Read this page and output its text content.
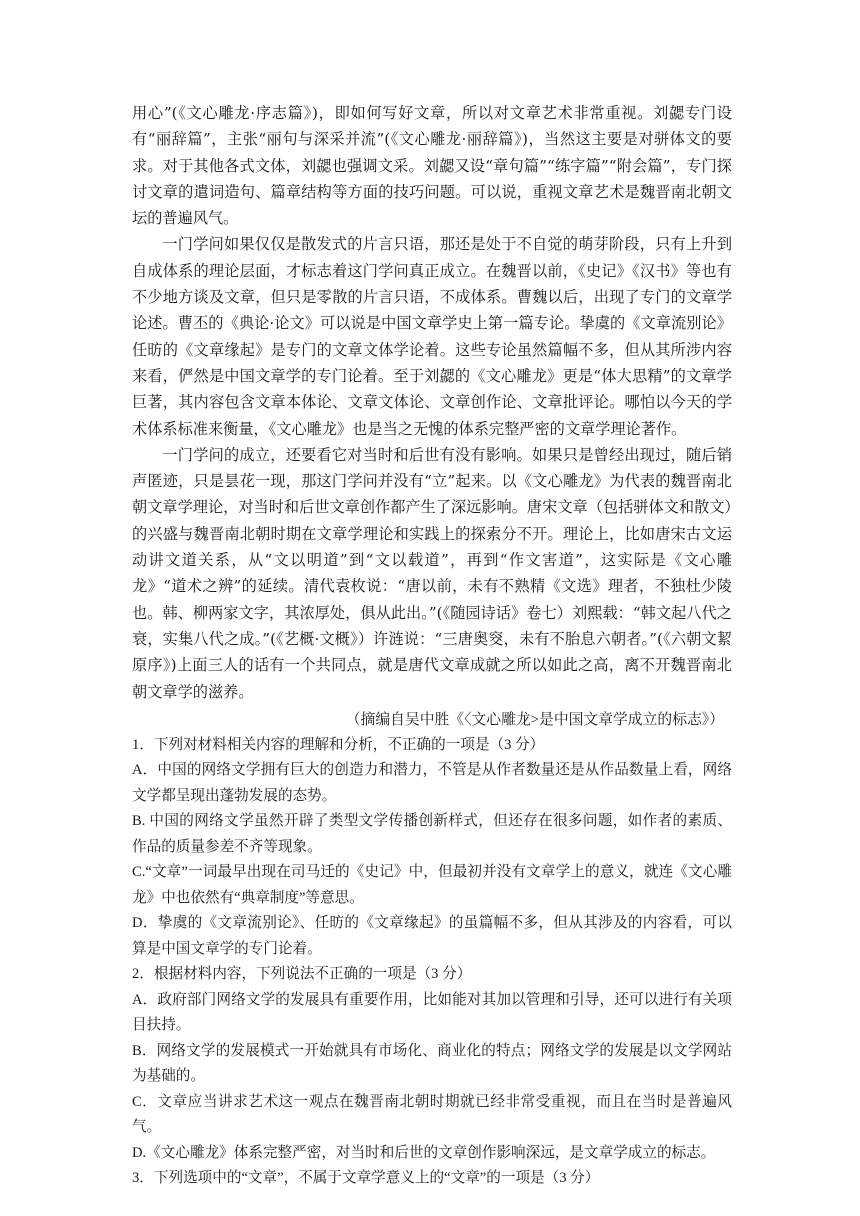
用心”(《文心雕龙·序志篇》)，即如何写好文章，所以对文章艺术非常重视。刘勰专门设有“丽辞篇”，主张“丽句与深采并流”(《文心雕龙·丽辞篇》)，当然这主要是对骈体文的要求。对于其他各式文体，刘勰也强调文采。刘勰又设“章句篇”“练字篇”“附会篇”，专门探讨文章的遣词造句、篇章结构等方面的技巧问题。可以说，重视文章艺术是魏晋南北朝文坛的普遍风气。

一门学问如果仅仅是散发式的片言只语，那还是处于不自觉的萌芽阶段，只有上升到自成体系的理论层面，才标志着这门学问真正成立。在魏晋以前，《史记》《汉书》等也有不少地方谈及文章，但只是零散的片言只语，不成体系。曹魏以后，出现了专门的文章学论述。曹丕的《典论·论文》可以说是中国文章学史上第一篇专论。挚虞的《文章流别论》任昉的《文章缘起》是专门的文章文体学论着。这些专论虽然篇幅不多，但从其所涉内容来看，俨然是中国文章学的专门论着。至于刘勰的《文心雕龙》更是“体大思精”的文章学巨著，其内容包含文章本体论、文章文体论、文章创作论、文章批评论。哪怕以今天的学术体系标准来衡量，《文心雕龙》也是当之无愧的体系完整严密的文章学理论著作。

一门学问的成立，还要看它对当时和后世有没有影响。如果只是曾经出现过，随后销声匿迹，只是昙花一现，那这门学问并没有“立”起来。以《文心雕龙》为代表的魏晋南北朝文章学理论，对当时和后世文章创作都产生了深远影响。唐宋文章（包括骈体文和散文）的兴盛与魏晋南北朝时期在文章学理论和实践上的探索分不开。理论上，比如唐宋古文运动讲文道关系，从“文以明道”到“文以载道”，再到“作文害道”，这实际是《文心雕龙》“道术之辨”的延续。清代袁枚说：“唐以前，未有不熟精《文选》理者，不独杜少陵也。韩、柳两家文字，其浓厚处，俱从此出。”(《随园诗话》卷七）刘熙载：“韩文起八代之衰，实集八代之成。”(《艺概·文概》）许涟说：“三唐奥窔，未有不胎息六朝者。”(《六朝文絜原序》)上面三人的话有一个共同点，就是唐代文章成就之所以如此之高，离不开魏晋南北朝文章学的滋养。

（摘编自吴中胜《〈文心雕龙>是中国文章学成立的标志》）

1．下列对材料相关内容的理解和分析，不正确的一项是（3 分）

A．中国的网络文学拥有巨大的创造力和潜力，不管是从作者数量还是从作品数量上看，网络文学都呈现出蓬勃发展的态势。

B. 中国的网络文学虽然开辟了类型文学传播创新样式，但还存在很多问题，如作者的素质、作品的质量参差不齐等现象。

C.“文章”一词最早出现在司马迁的《史记》中，但最初并没有文章学上的意义，就连《文心雕龙》中也依然有“典章制度”等意思。

D．挚虞的《文章流别论》、任昉的《文章缘起》的虽篇幅不多，但从其涉及的内容看，可以算是中国文章学的专门论着。

2．根据材料内容，下列说法不正确的一项是（3 分）

A．政府部门网络文学的发展具有重要作用，比如能对其加以管理和引导，还可以进行有关项目扶持。

B．网络文学的发展模式一开始就具有市场化、商业化的特点；网络文学的发展是以文学网站为基础的。

C．文章应当讲求艺术这一观点在魏晋南北朝时期就已经非常受重视，而且在当时是普遍风气。

D.《文心雕龙》体系完整严密，对当时和后世的文章创作影响深远，是文章学成立的标志。

3．下列选项中的“文章”，不属于文章学意义上的“文章”的一项是（3 分）
